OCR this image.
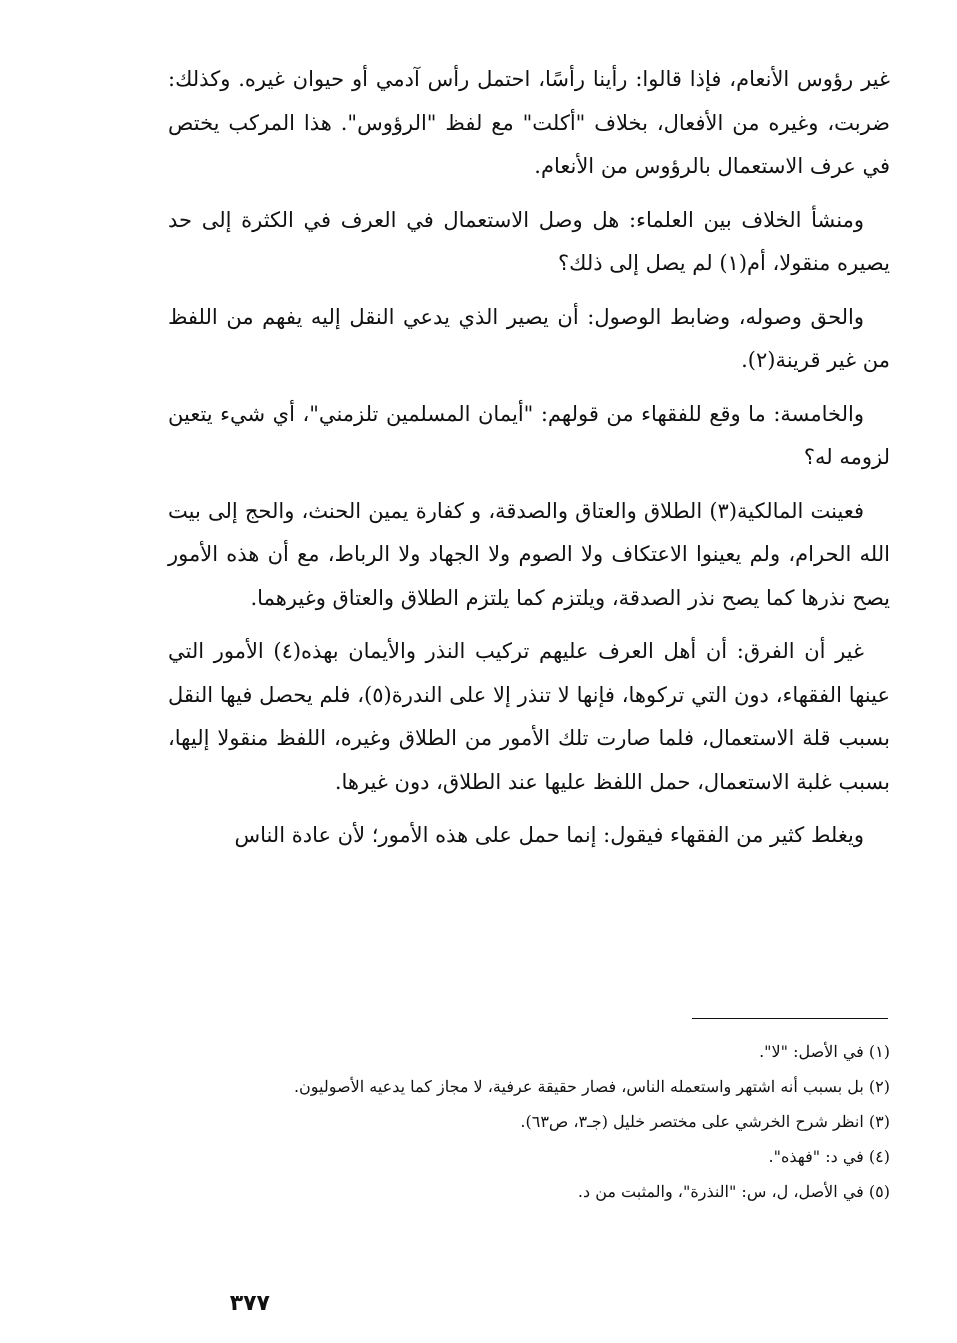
غير رؤوس الأنعام، فإذا قالوا: رأينا رأسًا، احتمل رأس آدمي أو حيوان غيره. وكذلك: ضربت، وغيره من الأفعال، بخلاف "أكلت" مع لفظ "الرؤوس". هذا المركب يختص في عرف الاستعمال بالرؤوس من الأنعام.

ومنشأ الخلاف بين العلماء: هل وصل الاستعمال في العرف في الكثرة إلى حد يصيره منقولا، أم(١) لم يصل إلى ذلك؟

والحق وصوله، وضابط الوصول: أن يصير الذي يدعي النقل إليه يفهم من اللفظ من غير قرينة(٢).

والخامسة: ما وقع للفقهاء من قولهم: "أيمان المسلمين تلزمني"، أي شيء يتعين لزومه له؟

فعينت المالكية(٣) الطلاق والعتاق والصدقة، و كفارة يمين الحنث، والحج إلى بيت الله الحرام، ولم يعينوا الاعتكاف ولا الصوم ولا الجهاد ولا الرباط، مع أن هذه الأمور يصح نذرها كما يصح نذر الصدقة، ويلتزم كما يلتزم الطلاق والعتاق وغيرهما.

غير أن الفرق: أن أهل العرف عليهم تركيب النذر والأيمان بهذه(٤) الأمور التي عينها الفقهاء، دون التي تركوها، فإنها لا تنذر إلا على الندرة(٥)، فلم يحصل فيها النقل بسبب قلة الاستعمال، فلما صارت تلك الأمور من الطلاق وغيره، اللفظ منقولا إليها، بسبب غلبة الاستعمال، حمل اللفظ عليها عند الطلاق، دون غيرها.

ويغلط كثير من الفقهاء فيقول: إنما حمل على هذه الأمور؛ لأن عادة الناس

(١) في الأصل: "لا".

(٢) بل بسبب أنه اشتهر واستعمله الناس، فصار حقيقة عرفية، لا مجاز كما يدعيه الأصوليون.

(٣) انظر شرح الخرشي على مختصر خليل (جـ٣، ص٦٣).

(٤) في د: "فهذه".

(٥) في الأصل، ل، س: "النذرة"، والمثبت من د.

٣٧٧
